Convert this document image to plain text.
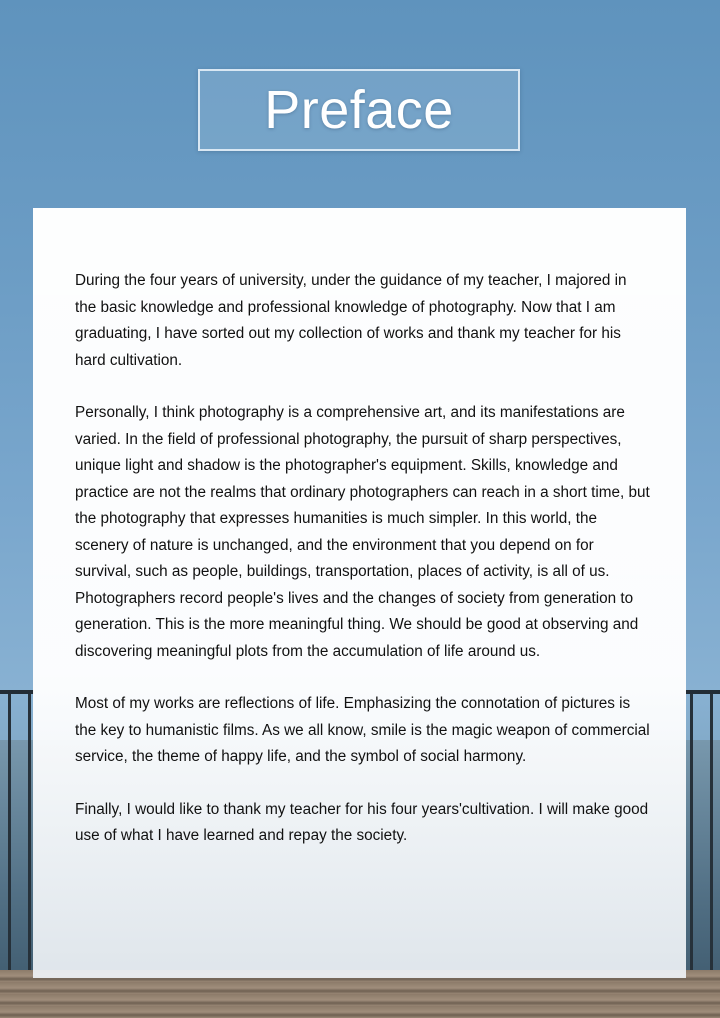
Preface

During the four years of university, under the guidance of my teacher, I majored in the basic knowledge and professional knowledge of photography. Now that I am graduating, I have sorted out my collection of works and thank my teacher for his hard cultivation.

Personally, I think photography is a comprehensive art, and its manifestations are varied. In the field of professional photography, the pursuit of sharp perspectives, unique light and shadow is the photographer's equipment. Skills, knowledge and practice are not the realms that ordinary photographers can reach in a short time, but the photography that expresses humanities is much simpler. In this world, the scenery of nature is unchanged, and the environment that you depend on for survival, such as people, buildings, transportation, places of activity, is all of us. Photographers record people's lives and the changes of society from generation to generation. This is the more meaningful thing. We should be good at observing and discovering meaningful plots from the accumulation of life around us.

Most of my works are reflections of life. Emphasizing the connotation of pictures is the key to humanistic films. As we all know, smile is the magic weapon of commercial service, the theme of happy life, and the symbol of social harmony.

Finally, I would like to thank my teacher for his four years'cultivation. I will make good use of what I have learned and repay the society.
